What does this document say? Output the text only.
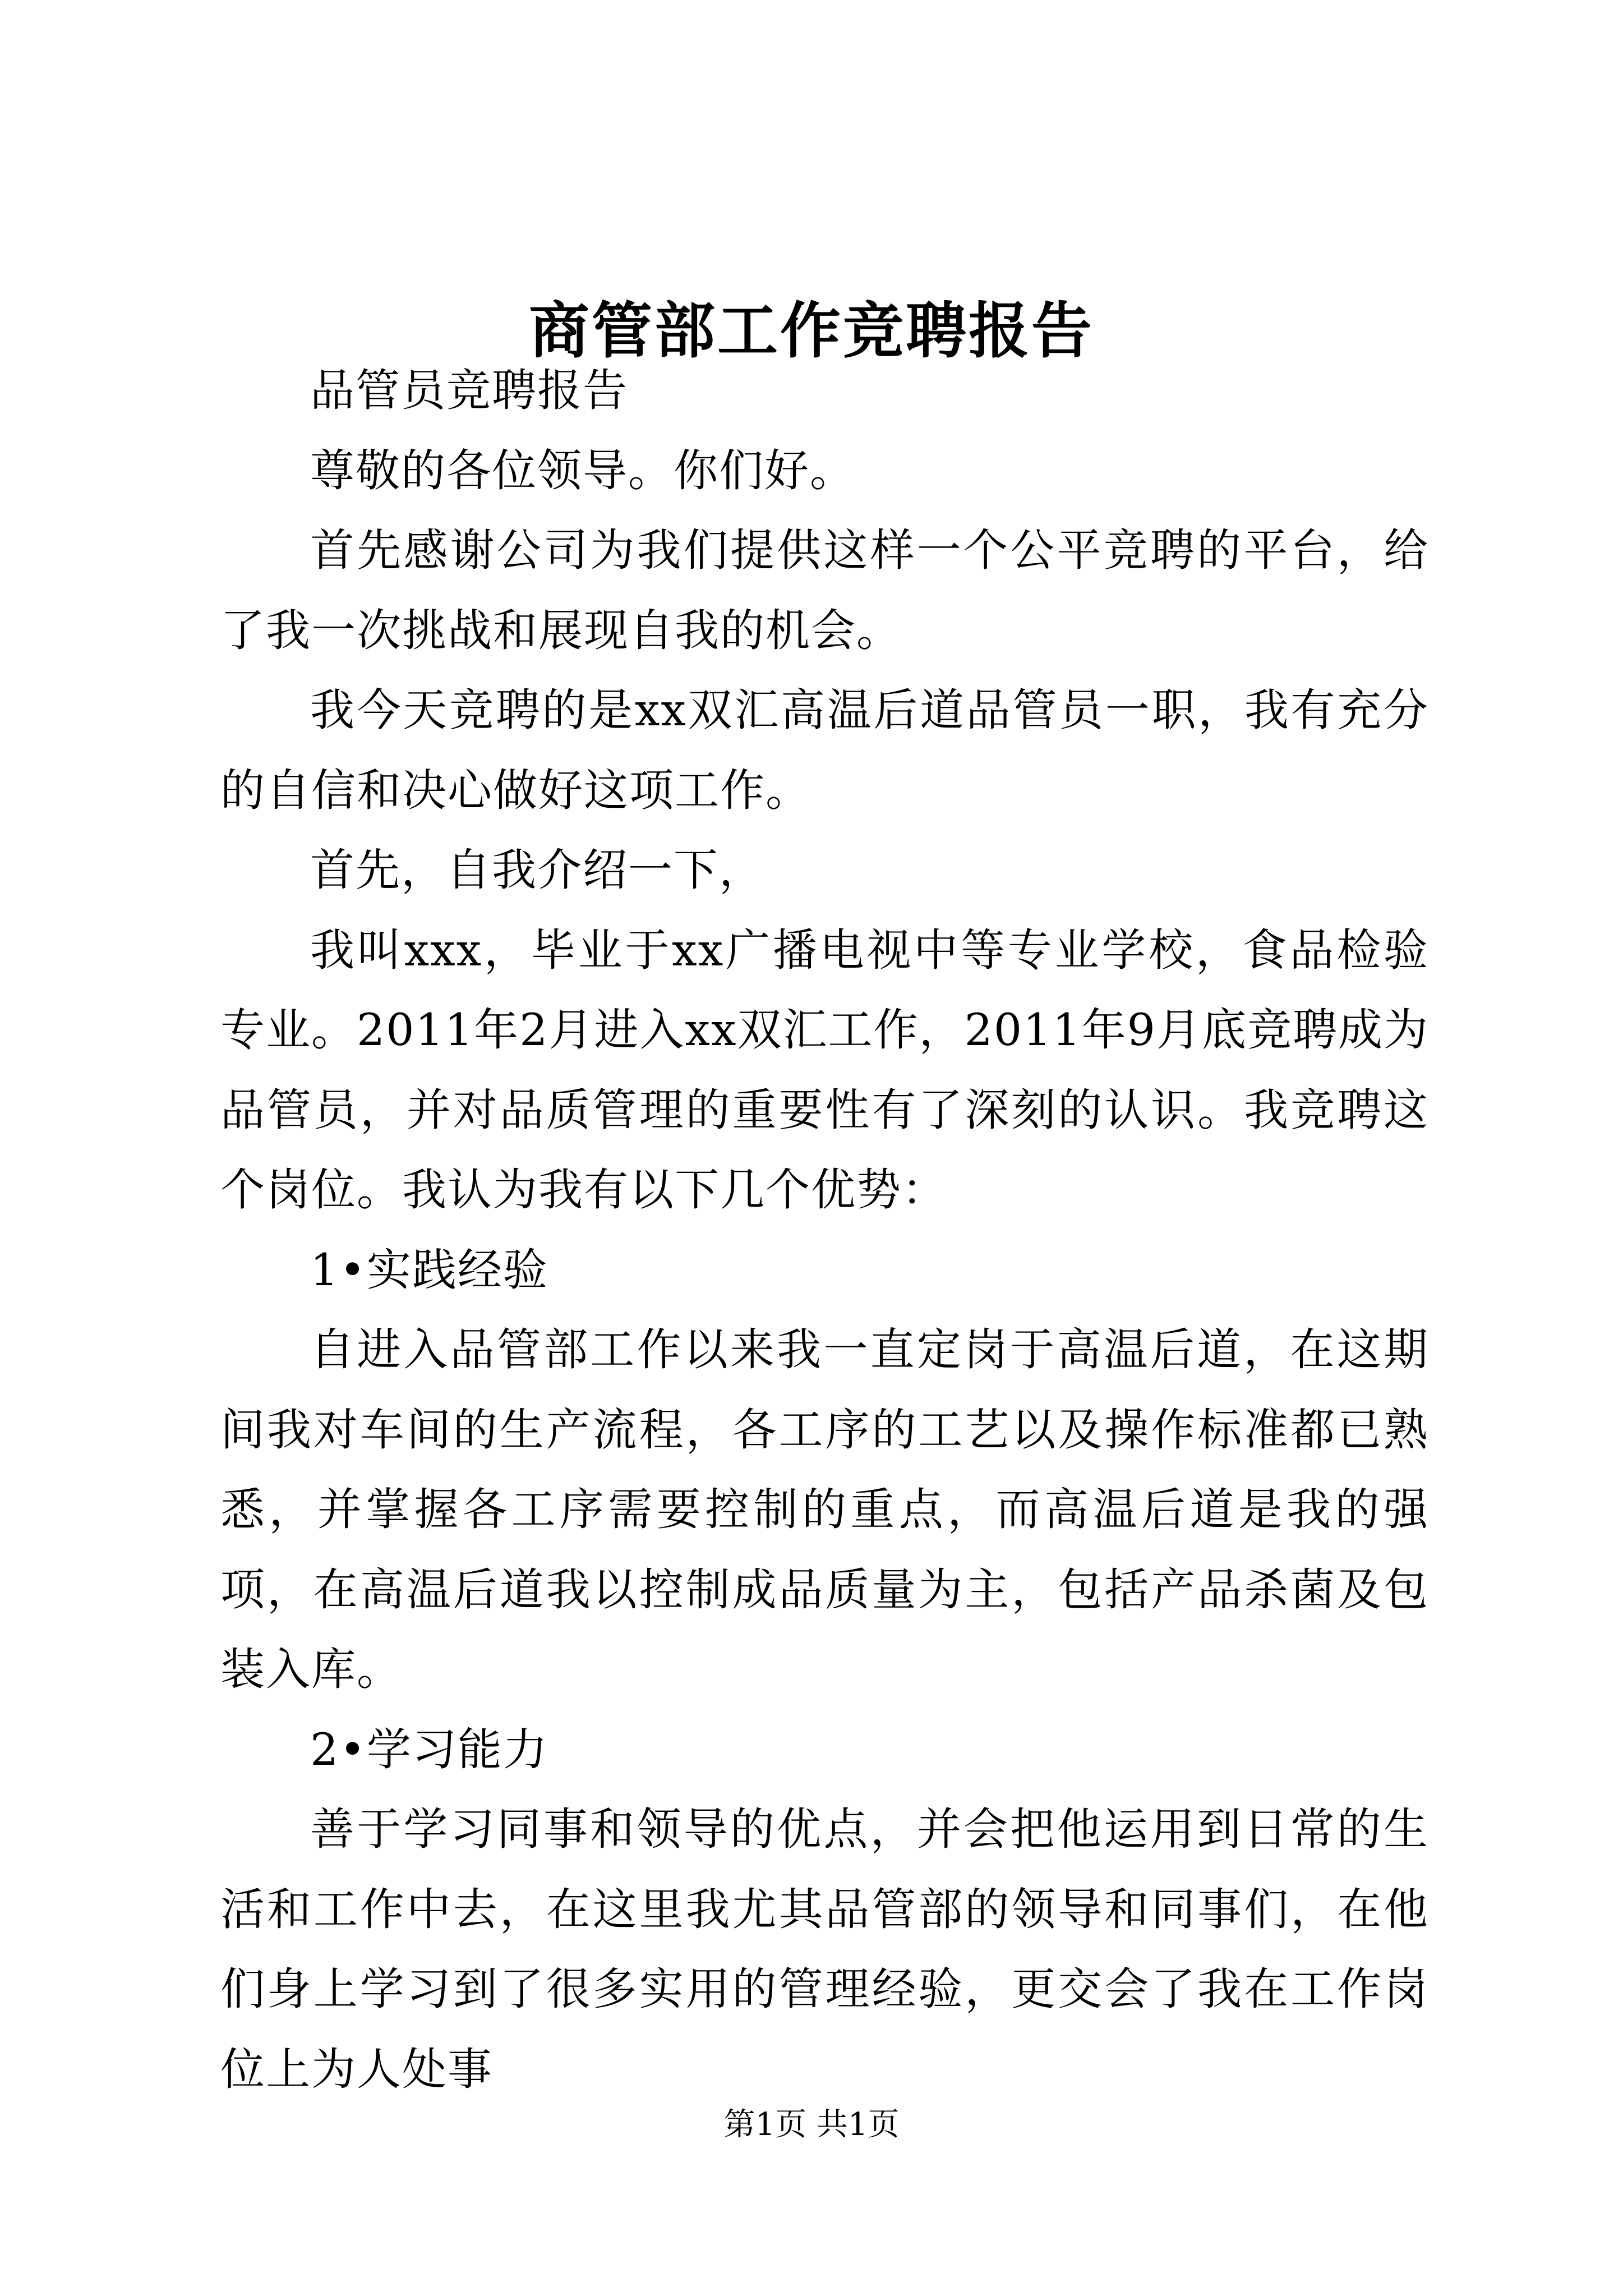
商管部工作竞聘报告

品管员竞聘报告

尊敬的各位领导。你们好。

首先感谢公司为我们提供这样一个公平竞聘的平台，给了我一次挑战和展现自我的机会。

我今天竞聘的是xx双汇高温后道品管员一职，我有充分的自信和决心做好这项工作。

首先，自我介绍一下，

我叫xxx，毕业于xx广播电视中等专业学校，食品检验专业。2011年2月进入xx双汇工作，2011年9月底竞聘成为品管员，并对品质管理的重要性有了深刻的认识。我竞聘这个岗位。我认为我有以下几个优势：

1•实践经验

自进入品管部工作以来我一直定岗于高温后道，在这期间我对车间的生产流程，各工序的工艺以及操作标准都已熟悉，并掌握各工序需要控制的重点，而高温后道是我的强项，在高温后道我以控制成品质量为主，包括产品杀菌及包装入库。

2•学习能力

善于学习同事和领导的优点，并会把他运用到日常的生活和工作中去，在这里我尤其品管部的领导和同事们，在他们身上学习到了很多实用的管理经验，更交会了我在工作岗位上为人处事

第1页 共1页
